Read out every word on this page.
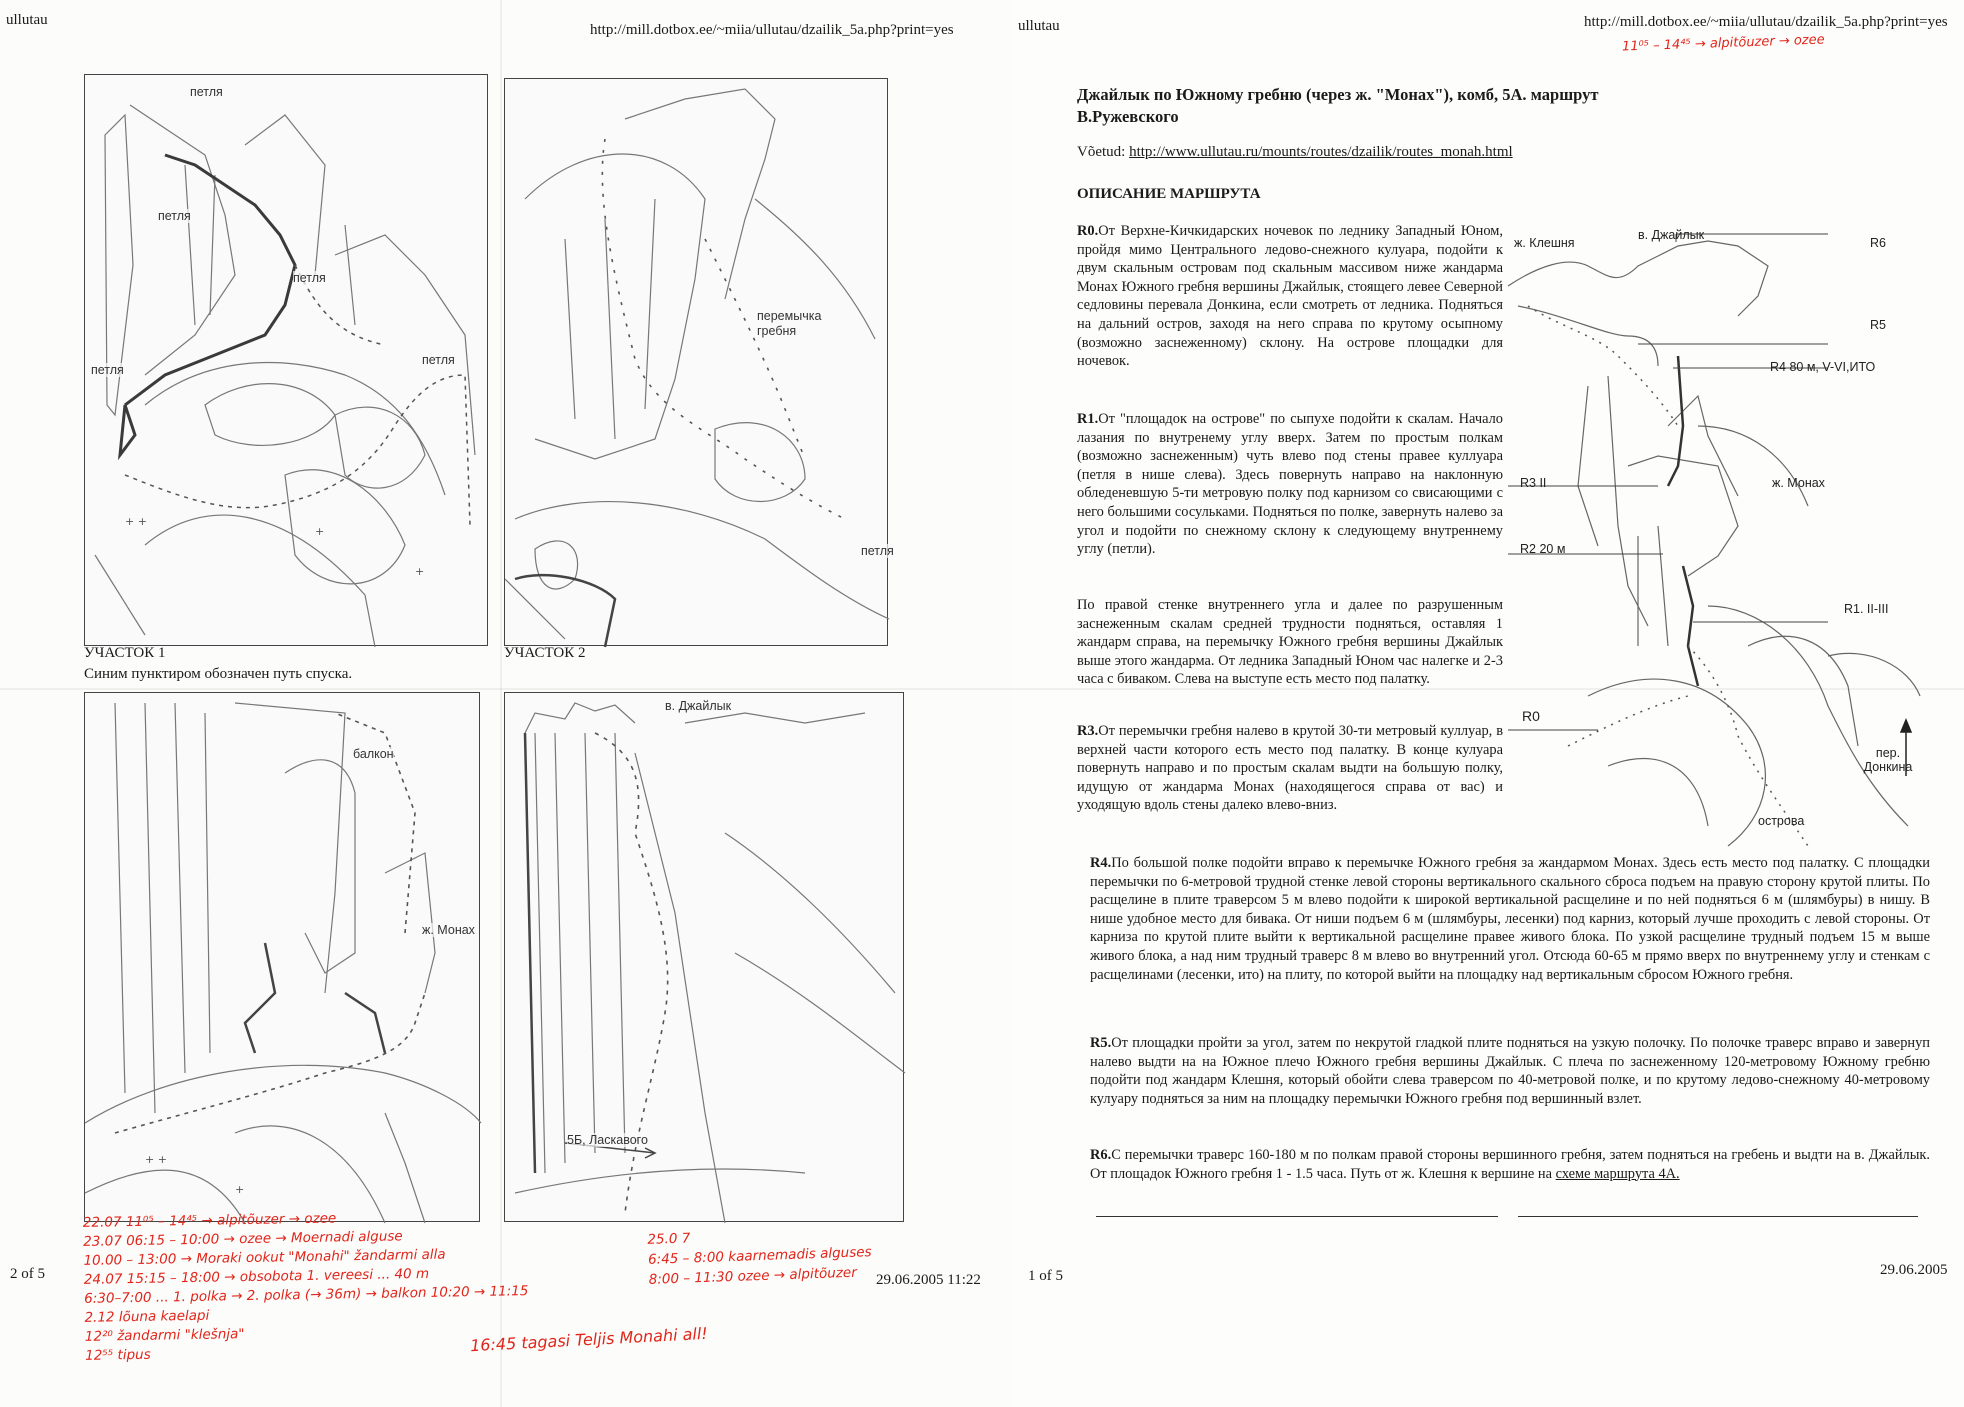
ullutau
http://mill.dotbox.ee/~miia/ullutau/dzailik_5a.php?print=yes
+ +
+
+
петля
петля
петля
петля
петля
перемычка гребня
петля
УЧАСТОК 1	УЧАСТОК 2
Синим пунктиром обозначен путь спуска.
+ +
+
балкон
ж. Монах
в. Джайлык
5Б, Ласкавого
2 of 5	29.06.2005 11:22
22.07 11⁰⁵ – 14⁴⁵ → alpitõuzer → ozee
23.07 06:15 – 10:00 → ozee → Moernadi alguse
10.00 – 13:00 → Moraki ookut "Monahi" žandarmi alla
24.07 15:15 – 18:00 → obsobota 1. vereesi ... 40 m
6:30–7:00 ... 1. polka → 2. polka (→ 36m) → balkon 10:20 → 11:15
2.12 lõuna kaelapi
12²⁰ žandarmi "klešnja"
12⁵⁵ tipus
16:45 tagasi Teljis Monahi all!
25.0 7
6:45 – 8:00 kaarnemadis alguses
8:00 – 11:30 ozee → alpitõuzer
ullutau	http://mill.dotbox.ee/~miia/ullutau/dzailik_5a.php?print=yes
11⁰⁵ – 14⁴⁵ → alpitõuzer → ozee
Джайлык по Южному гребню (через ж. "Монах"), комб, 5А. маршрут В.Ружевского
Võetud: http://www.ullutau.ru/mounts/routes/dzailik/routes_monah.html
ОПИСАНИЕ МАРШРУТА
R0.От Верхне-Кичкидарских ночевок по леднику Западный Юном, пройдя мимо Центрального ледово-снежного кулуара, подойти к двум скальным островам под скальным массивом ниже жандарма Монах Южного гребня вершины Джайлык, стоящего левее Северной седловины перевала Донкина, если смотреть от ледника. Подняться на дальний остров, заходя на него справа по крутому осыпному (возможно заснеженному) склону. На острове площадки для ночевок.
R1.От "площадок на острове" по сыпухе подойти к скалам. Начало лазания по внутренему углу вверх. Затем по простым полкам (возможно заснеженным) чуть влево под стены правее куллуара (петля в нише слева). Здесь повернуть направо на наклонную обледеневшую 5-ти метровую полку под карнизом со свисающими с него большими сосульками. Подняться по полке, завернуть налево за угол и подойти по снежному склону к следующему внутреннему углу (петли).
По правой стенке внутреннего угла и далее по разрушенным заснеженным скалам средней трудности подняться, оставляя 1 жандарм справа, на перемычку Южного гребня вершины Джайлык выше этого жандарма. От ледника Западный Юном час налегке и 2-3 часа с биваком. Слева на выступе есть место под палатку.
R3.От перемычки гребня налево в крутой 30-ти метровый куллуар, в верхней части которого есть место под палатку. В конце кулуара повернуть направо и по простым скалам выдти на большую полку, идущую от жандарма Монах (находящегося справа от вас) и уходящую вдоль стены далеко влево-вниз.
R4.По большой полке подойти вправо к перемычке Южного гребня за жандармом Монах. Здесь есть место под палатку. С площадки перемычки по 6-метровой трудной стенке левой стороны вертикального скального сброса подъем на правую сторону крутой плиты. По расщелине в плите траверсом 5 м влево подойти к широкой вертикальной расщелине и по ней подняться 6 м (шлямбуры) в нишу. В нише удобное место для бивака. От ниши подъем 6 м (шлямбуры, лесенки) под карниз, который лучше проходить с левой стороны. От карниза по крутой плите выйти к вертикальной расщелине правее живого блока. По узкой расщелине трудный подъем 15 м выше живого блока, а над ним трудный траверс 8 м влево во внутренний угол. Отсюда 60-65 м прямо вверх по внутреннему углу и стенкам с расщелинами (лесенки, ито) на плиту, по которой выйти на площадку над вертикальным сбросом Южного гребня.
R5.От площадки пройти за угол, затем по некрутой гладкой плите подняться на узкую полочку. По полочке траверс вправо и завернуп налево выдти на на Южное плечо Южного гребня вершины Джайлык. С плеча по заснеженному 120-метровому Южному гребню подойти под жандарм Клешня, который обойти слева траверсом по 40-метровой полке, и по крутому ледово-снежному 40-метровому кулуару подняться за ним на площадку перемычки Южного гребня под вершинный взлет.
R6.С перемычки траверс 160-180 м по полкам правой стороны вершинного гребня, затем подняться на гребень и выдти на в. Джайлык. От площадок Южного гребня 1 - 1.5 часа. Путь от ж. Клешня к вершине на схеме маршрута 4А.
1 of 5	29.06.2005
ж. Клешня
в. Джайлык
R6
R5
R4 80 м, V-VI,ИТО
R3 II	ж. Монах
R2 20 м
R1. II-III
R0
пер. Донкина
острова
